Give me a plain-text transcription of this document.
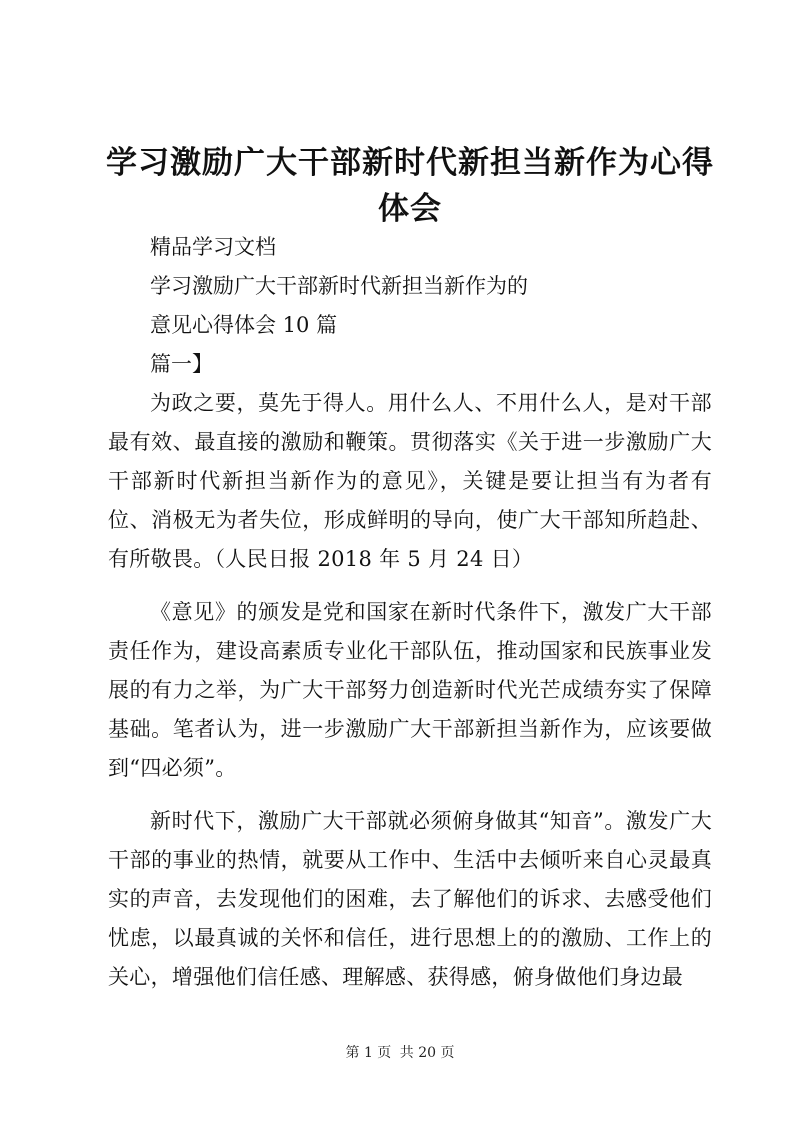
学习激励广大干部新时代新担当新作为心得体会

精品学习文档

学习激励广大干部新时代新担当新作为的

意见心得体会 10 篇

篇一】

为政之要，莫先于得人。用什么人、不用什么人，是对干部最有效、最直接的激励和鞭策。贯彻落实《关于进一步激励广大干部新时代新担当新作为的意见》，关键是要让担当有为者有位、消极无为者失位，形成鲜明的导向，使广大干部知所趋赴、有所敬畏。（人民日报 2018 年 5 月 24 日）

《意见》的颁发是党和国家在新时代条件下，激发广大干部责任作为，建设高素质专业化干部队伍，推动国家和民族事业发展的有力之举，为广大干部努力创造新时代光芒成绩夯实了保障基础。笔者认为，进一步激励广大干部新担当新作为，应该要做到“四必须”。

新时代下，激励广大干部就必须俯身做其“知音”。激发广大干部的事业的热情，就要从工作中、生活中去倾听来自心灵最真实的声音，去发现他们的困难，去了解他们的诉求、去感受他们忧虑，以最真诚的关怀和信任，进行思想上的的激励、工作上的关心，增强他们信任感、理解感、获得感，俯身做他们身边最

第 1 页 共 20 页
